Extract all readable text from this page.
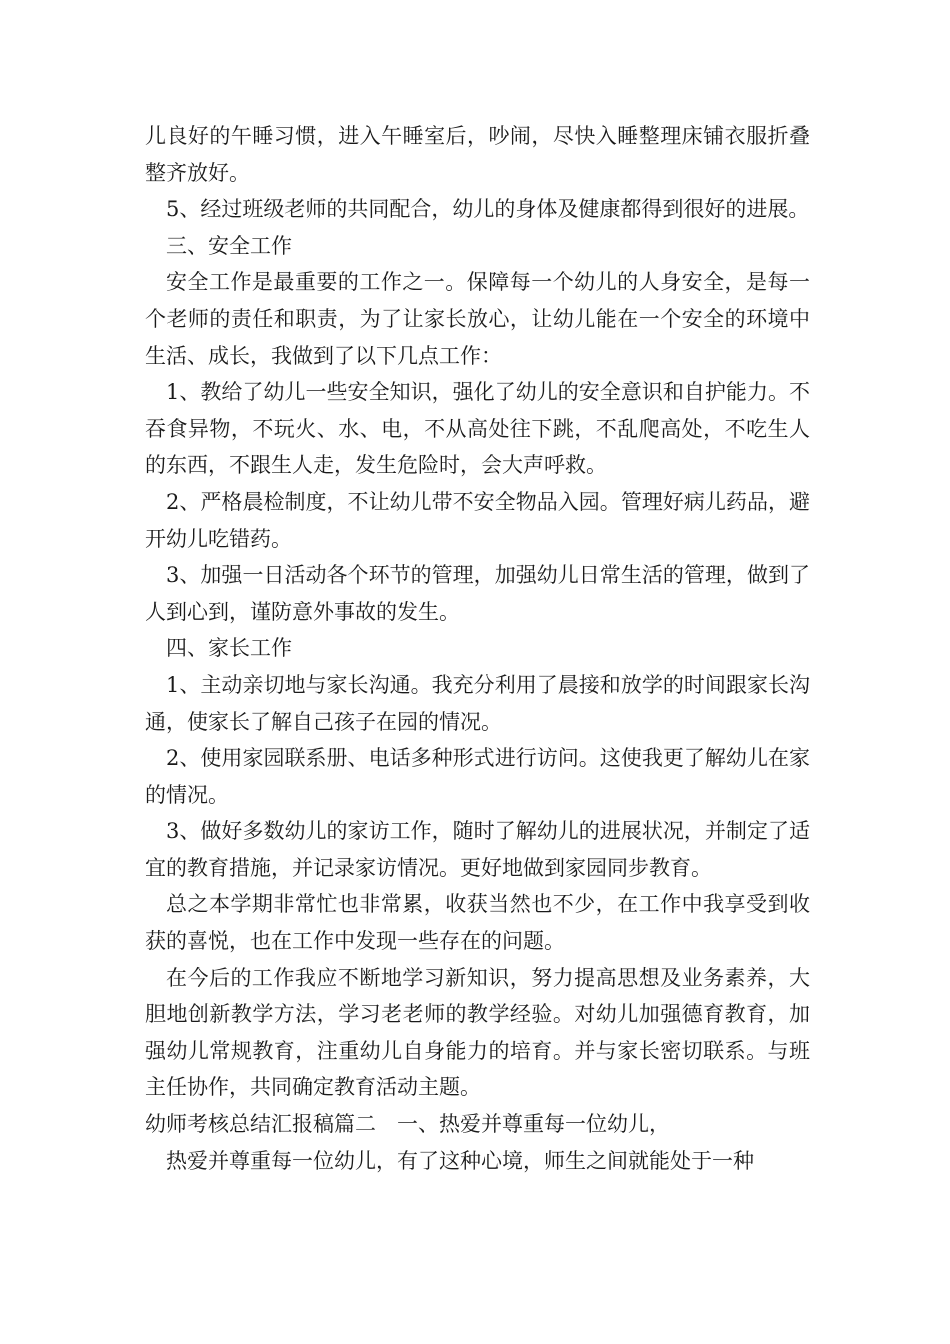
儿良好的午睡习惯，进入午睡室后，吵闹，尽快入睡整理床铺衣服折叠整齐放好。

5、经过班级老师的共同配合，幼儿的身体及健康都得到很好的进展。

三、安全工作

安全工作是最重要的工作之一。保障每一个幼儿的人身安全，是每一个老师的责任和职责，为了让家长放心，让幼儿能在一个安全的环境中生活、成长，我做到了以下几点工作：

1、教给了幼儿一些安全知识，强化了幼儿的安全意识和自护能力。不吞食异物，不玩火、水、电，不从高处往下跳，不乱爬高处，不吃生人的东西，不跟生人走，发生危险时，会大声呼救。

2、严格晨检制度，不让幼儿带不安全物品入园。管理好病儿药品，避开幼儿吃错药。

3、加强一日活动各个环节的管理，加强幼儿日常生活的管理，做到了人到心到，谨防意外事故的发生。

四、家长工作

1、主动亲切地与家长沟通。我充分利用了晨接和放学的时间跟家长沟通，使家长了解自己孩子在园的情况。

2、使用家园联系册、电话多种形式进行访问。这使我更了解幼儿在家的情况。

3、做好多数幼儿的家访工作，随时了解幼儿的进展状况，并制定了适宜的教育措施，并记录家访情况。更好地做到家园同步教育。

总之本学期非常忙也非常累，收获当然也不少，在工作中我享受到收获的喜悦，也在工作中发现一些存在的问题。

在今后的工作我应不断地学习新知识，努力提高思想及业务素养，大胆地创新教学方法，学习老老师的教学经验。对幼儿加强德育教育，加强幼儿常规教育，注重幼儿自身能力的培育。并与家长密切联系。与班主任协作，共同确定教育活动主题。

幼师考核总结汇报稿篇二　一、热爱并尊重每一位幼儿，

热爱并尊重每一位幼儿，有了这种心境，师生之间就能处于一种
